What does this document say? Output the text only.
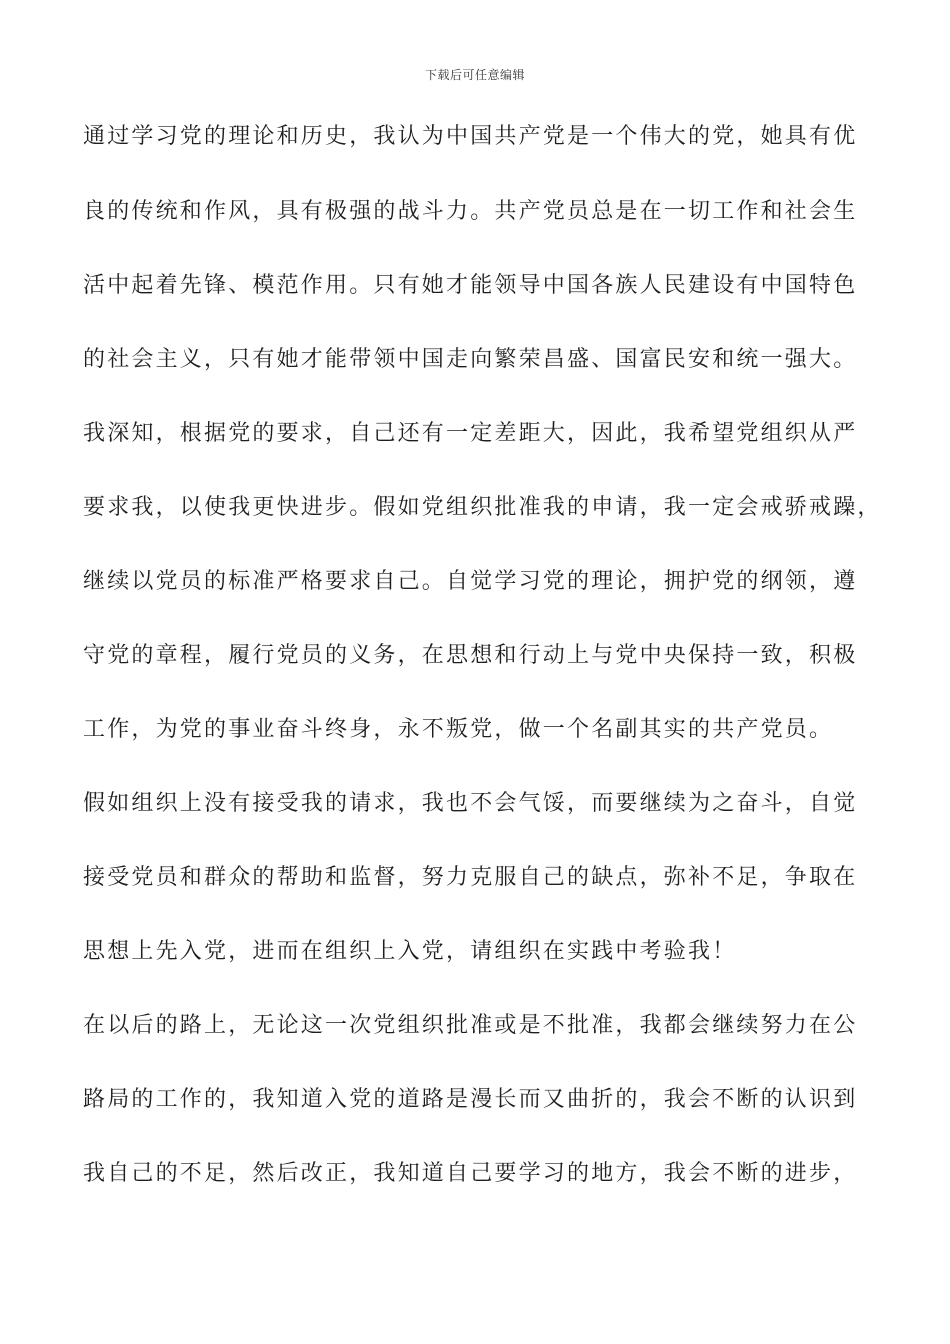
下载后可任意编辑
通过学习党的理论和历史，我认为中国共产党是一个伟大的党，她具有优
良的传统和作风，具有极强的战斗力。共产党员总是在一切工作和社会生
活中起着先锋、模范作用。只有她才能领导中国各族人民建设有中国特色
的社会主义，只有她才能带领中国走向繁荣昌盛、国富民安和统一强大。
我深知，根据党的要求，自己还有一定差距大，因此，我希望党组织从严
要求我，以使我更快进步。假如党组织批准我的申请，我一定会戒骄戒躁，
继续以党员的标准严格要求自己。自觉学习党的理论，拥护党的纲领，遵
守党的章程，履行党员的义务，在思想和行动上与党中央保持一致，积极
工作，为党的事业奋斗终身，永不叛党，做一个名副其实的共产党员。
假如组织上没有接受我的请求，我也不会气馁，而要继续为之奋斗，自觉
接受党员和群众的帮助和监督，努力克服自己的缺点，弥补不足，争取在
思想上先入党，进而在组织上入党，请组织在实践中考验我！
在以后的路上，无论这一次党组织批准或是不批准，我都会继续努力在公
路局的工作的，我知道入党的道路是漫长而又曲折的，我会不断的认识到
我自己的不足，然后改正，我知道自己要学习的地方，我会不断的进步，
